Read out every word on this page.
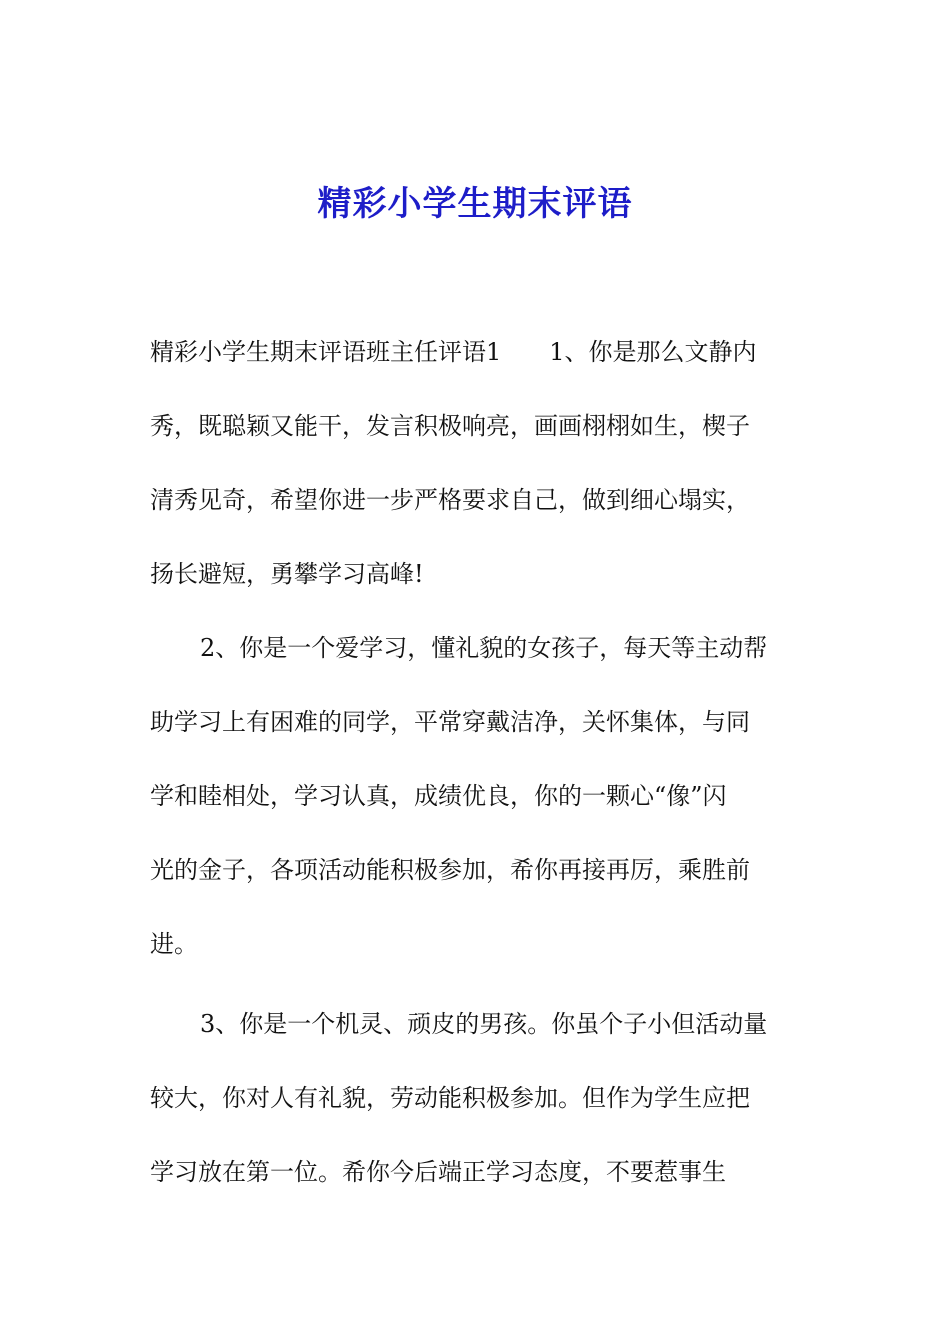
精彩小学生期末评语
精彩小学生期末评语班主任评语1　　1、你是那么文静内
秀，既聪颖又能干，发言积极响亮，画画栩栩如生，楔子
清秀见奇，希望你进一步严格要求自己，做到细心塌实，
扬长避短，勇攀学习高峰!
2、你是一个爱学习，懂礼貌的女孩子，每天等主动帮
助学习上有困难的同学，平常穿戴洁净，关怀集体，与同
学和睦相处，学习认真，成绩优良，你的一颗心“像”闪
光的金子，各项活动能积极参加，希你再接再厉，乘胜前
进。
3、你是一个机灵、顽皮的男孩。你虽个子小但活动量
较大，你对人有礼貌，劳动能积极参加。但作为学生应把
学习放在第一位。希你今后端正学习态度，不要惹事生
